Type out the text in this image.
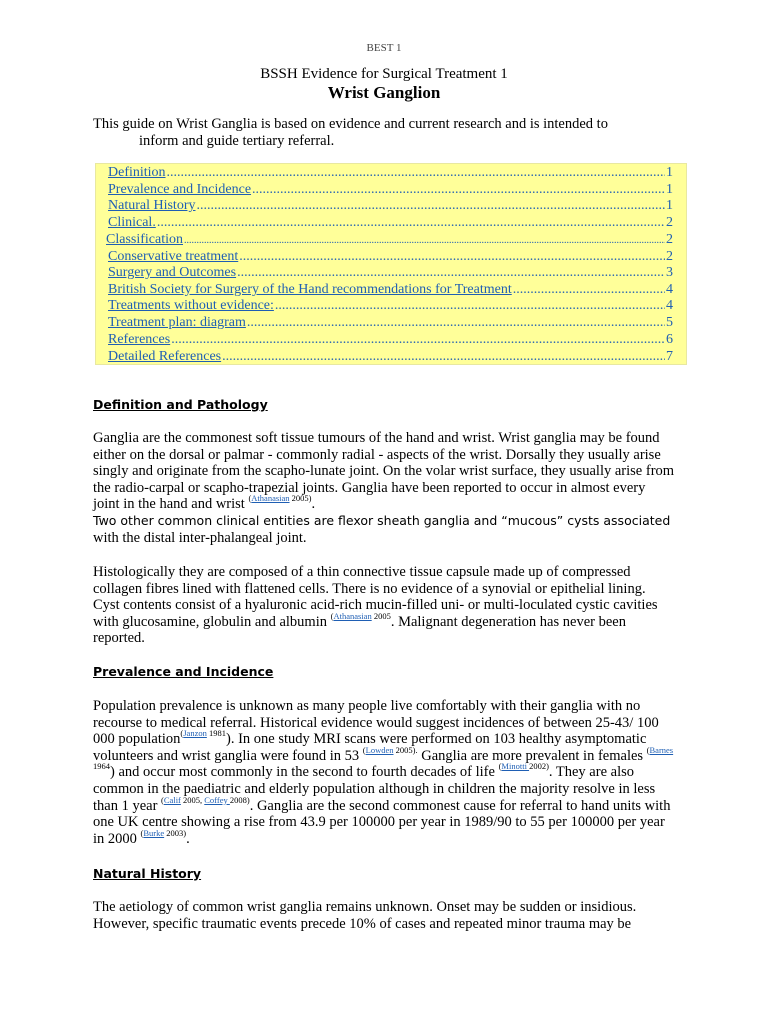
BEST 1
BSSH Evidence for Surgical Treatment 1
Wrist Ganglion
This guide on Wrist Ganglia is based on evidence and current research and is intended to
inform and guide tertiary referral.
Definition .....	1
Prevalence and Incidence .....	1
Natural History .....	1
Clinical. .....	2
Classification .....	2
Conservative treatment .....	2
Surgery and Outcomes .....	3
British Society for Surgery of the Hand recommendations for Treatment .....	4
Treatments without evidence: .....	4
Treatment plan: diagram .....	5
References .....	6
Detailed References .....	7
Definition and Pathology
Ganglia are the commonest soft tissue tumours of the hand and wrist. Wrist ganglia may be found either on the dorsal or palmar - commonly radial - aspects of the wrist. Dorsally they usually arise singly and originate from the scapho-lunate joint. On the volar wrist surface, they usually arise from the radio-carpal or scapho-trapezial joints. Ganglia have been reported to occur in almost every joint in the hand and wrist $^{(Athanasian 2005)}$.
Two other common clinical entities are flexor sheath ganglia and “mucous” cysts associated
with the distal inter-phalangeal joint.
Histologically they are composed of a thin connective tissue capsule made up of compressed collagen fibres lined with flattened cells. There is no evidence of a synovial or epithelial lining. Cyst contents consist of a hyaluronic acid-rich mucin-filled uni- or multi-loculated cystic cavities with glucosamine, globulin and albumin $^{(Athanasian 2005}$. Malignant degeneration has never been reported.
Prevalence and Incidence
Population prevalence is unknown as many people live comfortably with their ganglia with no recourse to medical referral. Historical evidence would suggest incidences of between 25-43/ 100 000 population$^{(Janzon 1981}$). In one study MRI scans were performed on 103 healthy asymptomatic volunteers and wrist ganglia were found in 53 $^{(Lowden 2005).}$ Ganglia are more prevalent in females $^{(Barnes 1964}$) and occur most commonly in the second to fourth decades of life $^{(Minotti 2002)}$. They are also common in the paediatric and elderly population although in children the majority resolve in less than 1 year $^{(Calif 2005, Coffey 2008)}$. Ganglia are the second commonest cause for referral to hand units with one UK centre showing a rise from 43.9 per 100000 per year in 1989/90 to 55 per 100000 per year in 2000 $^{(Burke 2003)}$.
Natural History
The aetiology of common wrist ganglia remains unknown. Onset may be sudden or insidious. However, specific traumatic events precede 10% of cases and repeated minor trauma may be
